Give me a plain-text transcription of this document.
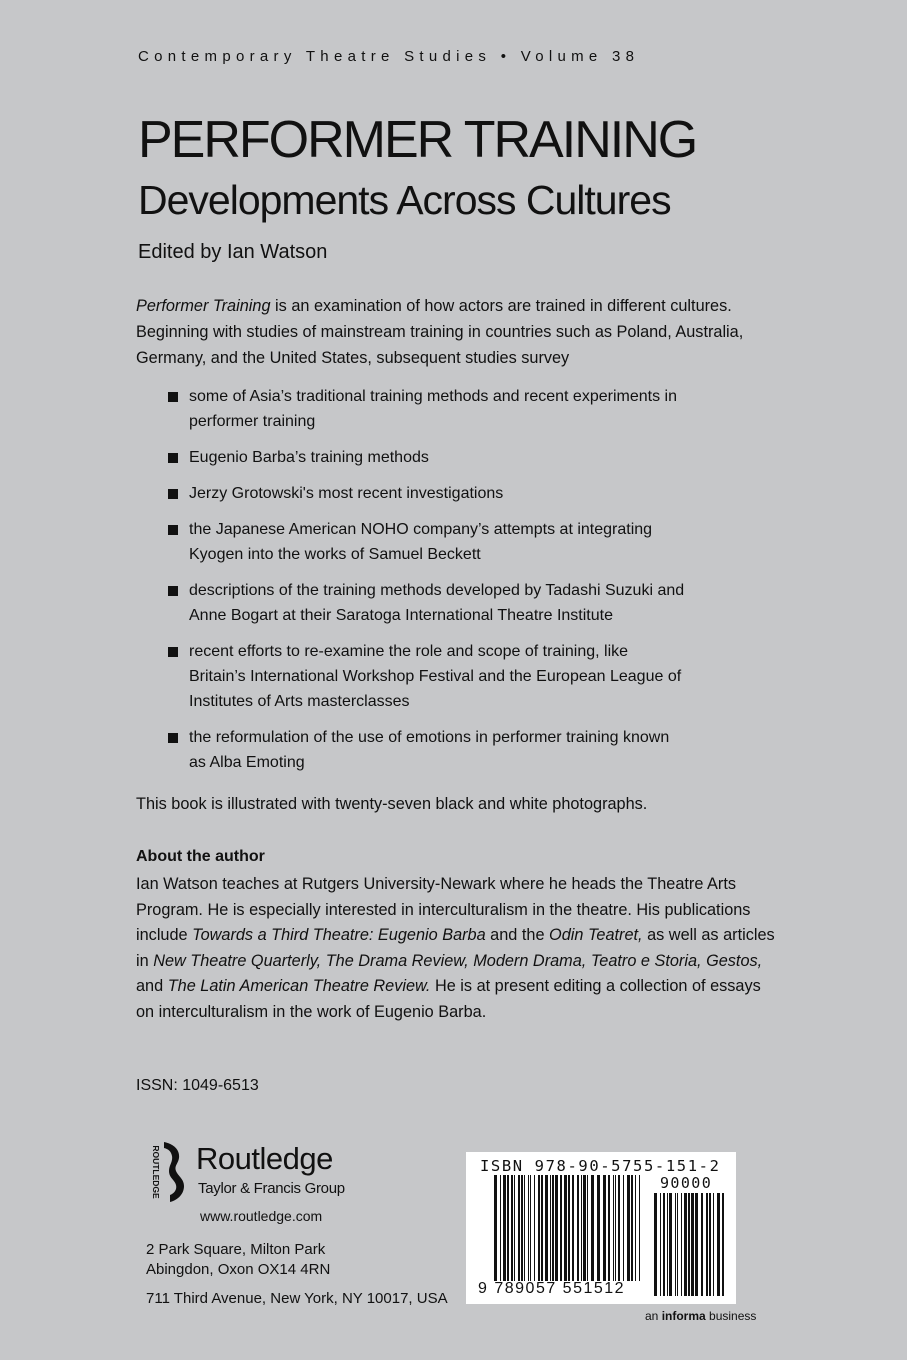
Contemporary Theatre Studies • Volume 38
PERFORMER TRAINING
Developments Across Cultures
Edited by Ian Watson
Performer Training is an examination of how actors are trained in different cultures. Beginning with studies of mainstream training in countries such as Poland, Australia, Germany, and the United States, subsequent studies survey
some of Asia’s traditional training methods and recent experiments in performer training
Eugenio Barba’s training methods
Jerzy Grotowski's most recent investigations
the Japanese American NOHO company’s attempts at integrating Kyogen into the works of Samuel Beckett
descriptions of the training methods developed by Tadashi Suzuki and Anne Bogart at their Saratoga International Theatre Institute
recent efforts to re-examine the role and scope of training, like Britain’s International Workshop Festival and the European League of Institutes of Arts masterclasses
the reformulation of the use of emotions in performer training known as Alba Emoting
This book is illustrated with twenty-seven black and white photographs.
About the author
Ian Watson teaches at Rutgers University-Newark where he heads the Theatre Arts Program. He is especially interested in interculturalism in the theatre. His publications include Towards a Third Theatre: Eugenio Barba and the Odin Teatret, as well as articles in New Theatre Quarterly, The Drama Review, Modern Drama, Teatro e Storia, Gestos, and The Latin American Theatre Review. He is at present editing a collection of essays on interculturalism in the work of Eugenio Barba.
ISSN: 1049-6513
ROUTLEDGE Routledge
Taylor & Francis Group
www.routledge.com
2 Park Square, Milton Park
Abingdon, Oxon OX14 4RN
711 Third Avenue, New York, NY 10017, USA
ISBN 978-90-5755-151-2
90000
9 789057 551512
an informa business
